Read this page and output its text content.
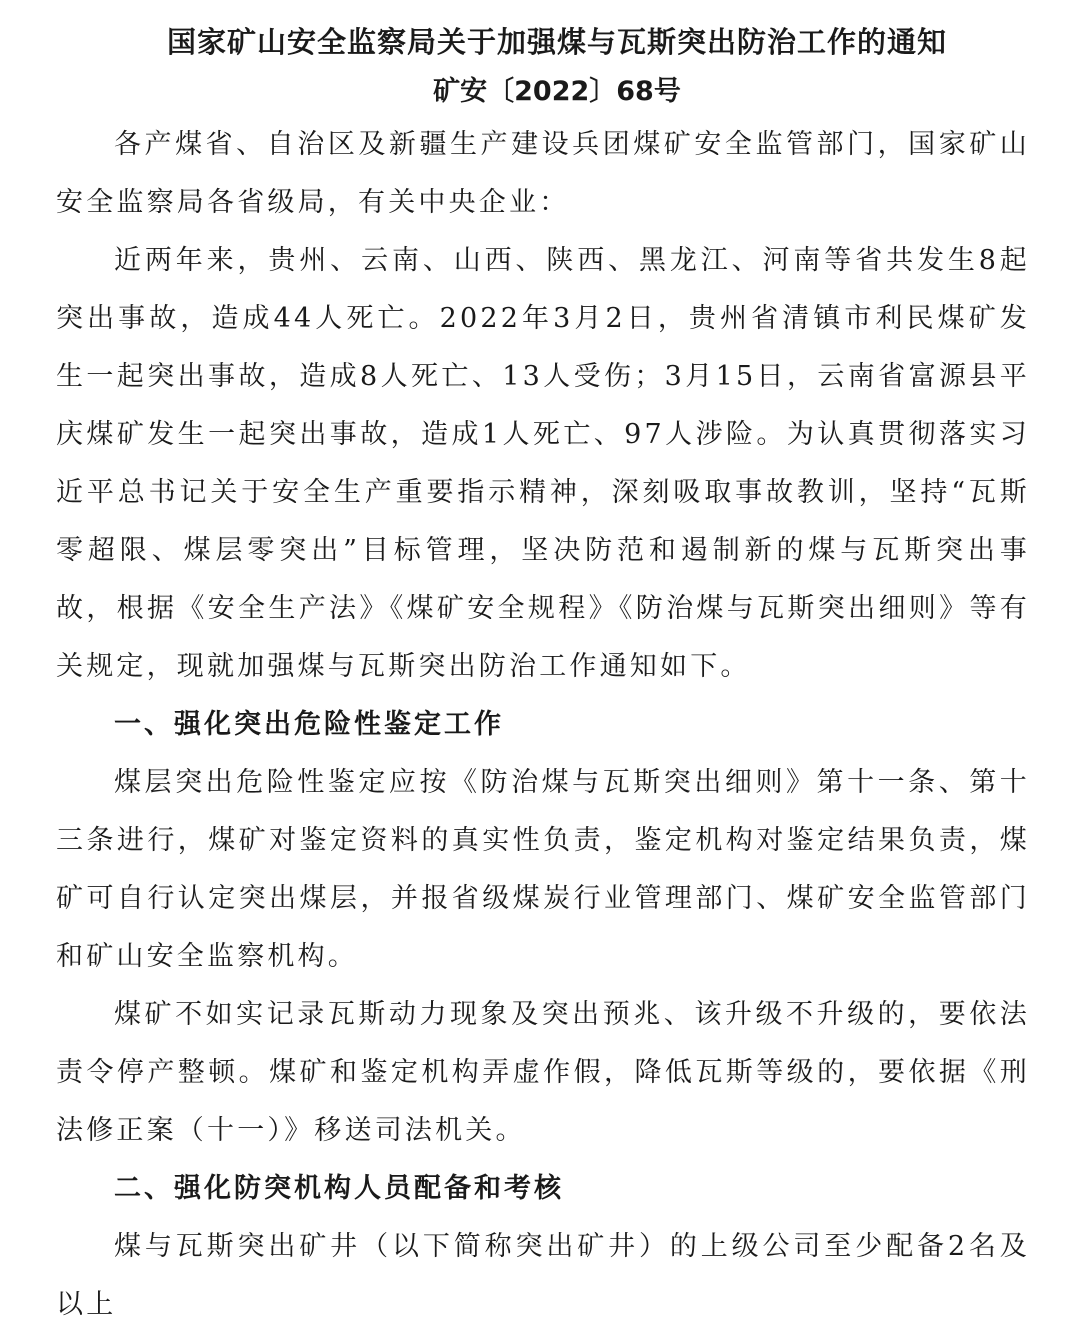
国家矿山安全监察局关于加强煤与瓦斯突出防治工作的通知
矿安〔2022〕68号

各产煤省、自治区及新疆生产建设兵团煤矿安全监管部门，国家矿山安全监察局各省级局，有关中央企业：

近两年来，贵州、云南、山西、陕西、黑龙江、河南等省共发生8起突出事故，造成44人死亡。2022年3月2日，贵州省清镇市利民煤矿发生一起突出事故，造成8人死亡、13人受伤；3月15日，云南省富源县平庆煤矿发生一起突出事故，造成1人死亡、97人涉险。为认真贯彻落实习近平总书记关于安全生产重要指示精神，深刻吸取事故教训，坚持“瓦斯零超限、煤层零突出”目标管理，坚决防范和遏制新的煤与瓦斯突出事故，根据《安全生产法》《煤矿安全规程》《防治煤与瓦斯突出细则》等有关规定，现就加强煤与瓦斯突出防治工作通知如下。

一、强化突出危险性鉴定工作

煤层突出危险性鉴定应按《防治煤与瓦斯突出细则》第十一条、第十三条进行，煤矿对鉴定资料的真实性负责，鉴定机构对鉴定结果负责，煤矿可自行认定突出煤层，并报省级煤炭行业管理部门、煤矿安全监管部门和矿山安全监察机构。

煤矿不如实记录瓦斯动力现象及突出预兆、该升级不升级的，要依法责令停产整顿。煤矿和鉴定机构弄虚作假，降低瓦斯等级的，要依据《刑法修正案（十一）》移送司法机关。

二、强化防突机构人员配备和考核

煤与瓦斯突出矿井（以下简称突出矿井）的上级公司至少配备2名及以上
